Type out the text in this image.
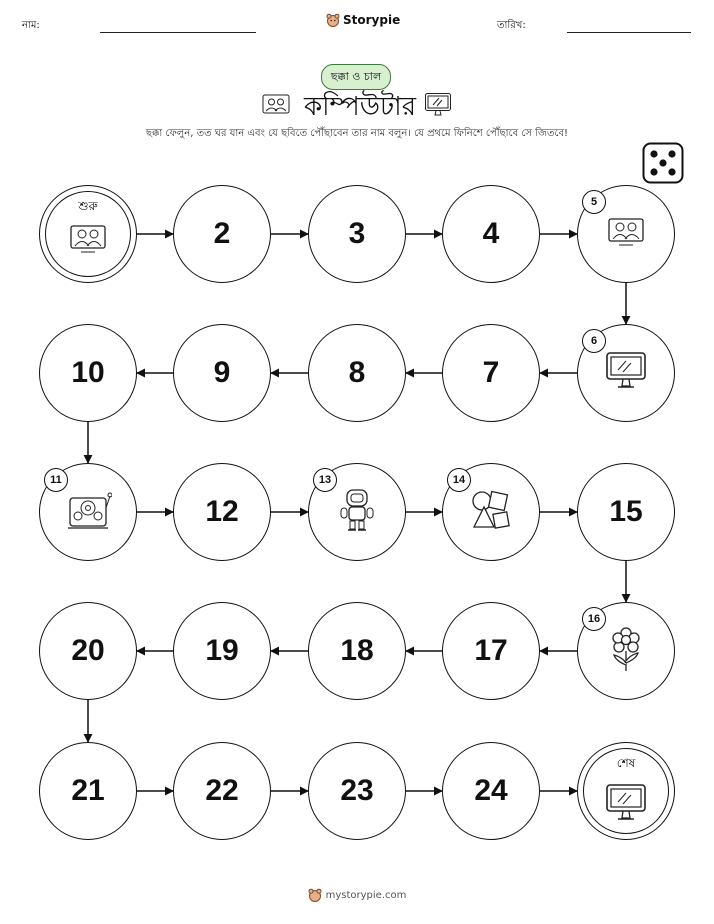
নাম:	Storypie	তারিখ:
ছক্কা ও চাল
কম্পিউটার
ছক্কা ফেলুন, তত ঘর যান এবং যে ছবিতে পৌঁছাবেন তার নাম বলুন। যে প্রথমে ফিনিশে পৌঁছাবে সে জিতবে!
শুরু
2	3	4
5
6
7
8
9
10
11
12
13	14
15
16
17
18
19
20
21	22	23	24
শেষ
mystorypie.com
